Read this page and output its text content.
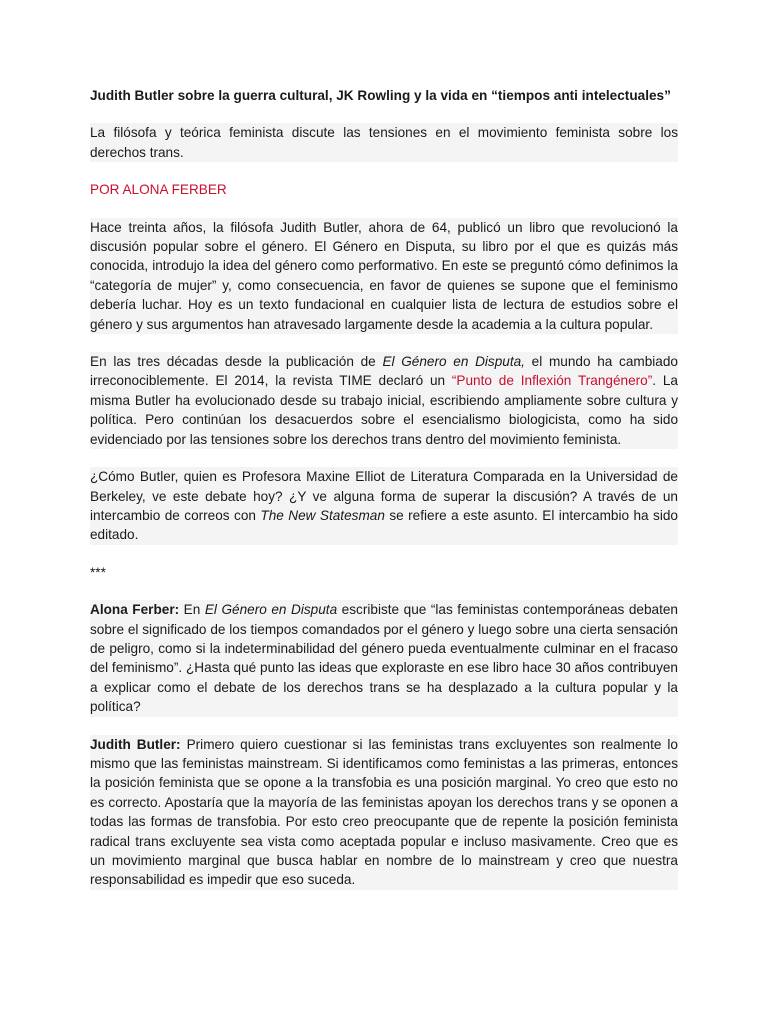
Judith Butler sobre la guerra cultural, JK Rowling y la vida en “tiempos anti intelectuales”

La filósofa y teórica feminista discute las tensiones en el movimiento feminista sobre los derechos trans.

POR ALONA FERBER

Hace treinta años, la filósofa Judith Butler, ahora de 64, publicó un libro que revolucionó la discusión popular sobre el género. El Género en Disputa, su libro por el que es quizás más conocida, introdujo la idea del género como performativo. En este se preguntó cómo definimos la “categoría de mujer” y, como consecuencia, en favor de quienes se supone que el feminismo debería luchar. Hoy es un texto fundacional en cualquier lista de lectura de estudios sobre el género y sus argumentos han atravesado largamente desde la academia a la cultura popular.

En las tres décadas desde la publicación de El Género en Disputa, el mundo ha cambiado irreconociblemente. El 2014, la revista TIME declaró un “Punto de Inflexión Trangénero”. La misma Butler ha evolucionado desde su trabajo inicial, escribiendo ampliamente sobre cultura y política. Pero continúan los desacuerdos sobre el esencialismo biologicista, como ha sido evidenciado por las tensiones sobre los derechos trans dentro del movimiento feminista.

¿Cómo Butler, quien es Profesora Maxine Elliot de Literatura Comparada en la Universidad de Berkeley, ve este debate hoy? ¿Y ve alguna forma de superar la discusión? A través de un intercambio de correos con The New Statesman se refiere a este asunto. El intercambio ha sido editado.

***

Alona Ferber: En El Género en Disputa escribiste que “las feministas contemporáneas debaten sobre el significado de los tiempos comandados por el género y luego sobre una cierta sensación de peligro, como si la indeterminabilidad del género pueda eventualmente culminar en el fracaso del feminismo”. ¿Hasta qué punto las ideas que exploraste en ese libro hace 30 años contribuyen a explicar como el debate de los derechos trans se ha desplazado a la cultura popular y la política?

Judith Butler: Primero quiero cuestionar si las feministas trans excluyentes son realmente lo mismo que las feministas mainstream. Si identificamos como feministas a las primeras, entonces la posición feminista que se opone a la transfobia es una posición marginal. Yo creo que esto no es correcto. Apostaría que la mayoría de las feministas apoyan los derechos trans y se oponen a todas las formas de transfobia. Por esto creo preocupante que de repente la posición feminista radical trans excluyente sea vista como aceptada popular e incluso masivamente. Creo que es un movimiento marginal que busca hablar en nombre de lo mainstream y creo que nuestra responsabilidad es impedir que eso suceda.
